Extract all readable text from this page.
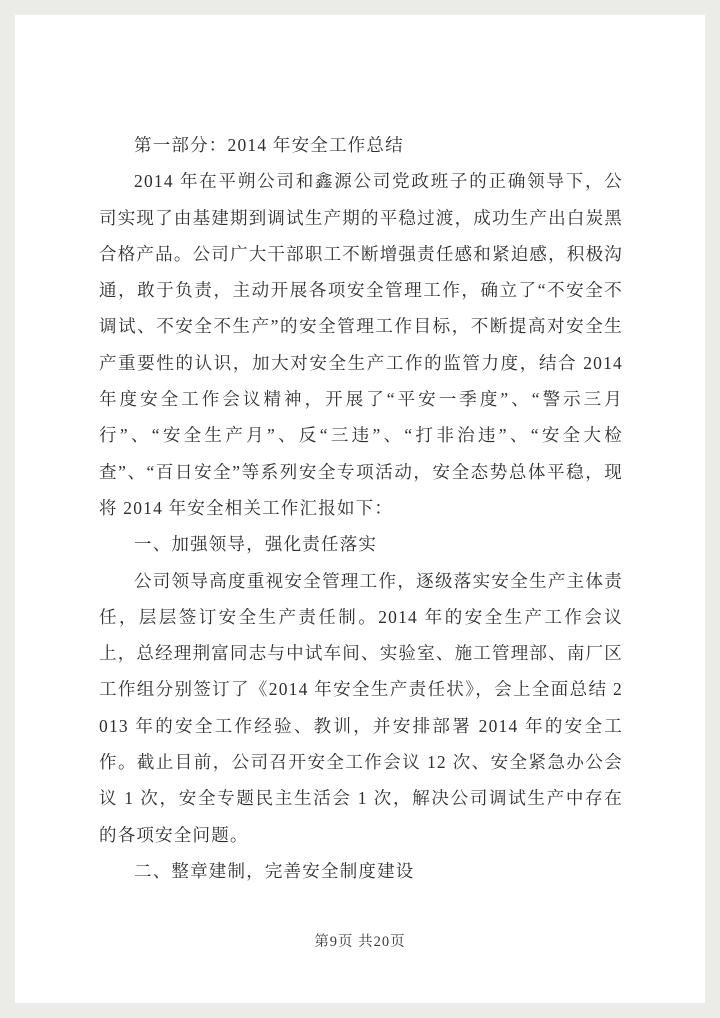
第一部分：2014 年安全工作总结

2014 年在平朔公司和鑫源公司党政班子的正确领导下，公司实现了由基建期到调试生产期的平稳过渡，成功生产出白炭黑合格产品。公司广大干部职工不断增强责任感和紧迫感，积极沟通，敢于负责，主动开展各项安全管理工作，确立了“不安全不调试、不安全不生产”的安全管理工作目标，不断提高对安全生产重要性的认识，加大对安全生产工作的监管力度，结合 2014 年度安全工作会议精神，开展了“平安一季度”、“警示三月行”、“安全生产月”、反“三违”、“打非治违”、“安全大检查”、“百日安全”等系列安全专项活动，安全态势总体平稳，现将 2014 年安全相关工作汇报如下：

一、加强领导，强化责任落实

公司领导高度重视安全管理工作，逐级落实安全生产主体责任，层层签订安全生产责任制。2014 年的安全生产工作会议上，总经理荆富同志与中试车间、实验室、施工管理部、南厂区工作组分别签订了《2014 年安全生产责任状》，会上全面总结 2013 年的安全工作经验、教训，并安排部署 2014 年的安全工作。截止目前，公司召开安全工作会议 12 次、安全紧急办公会议 1 次，安全专题民主生活会 1 次，解决公司调试生产中存在的各项安全问题。

二、整章建制，完善安全制度建设

第9页 共20页
